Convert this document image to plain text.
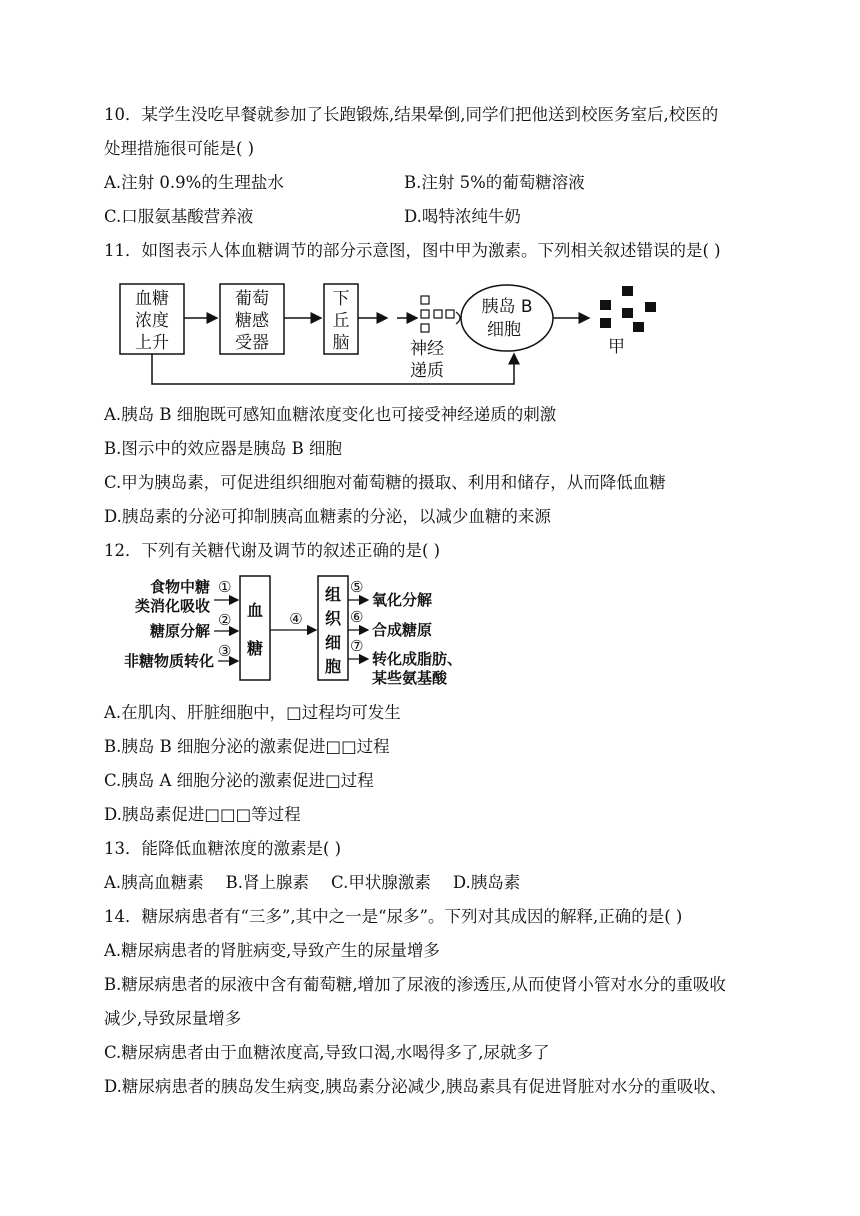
10．某学生没吃早餐就参加了长跑锻炼,结果晕倒,同学们把他送到校医务室后,校医的
处理措施很可能是( )
A.注射 0.9%的生理盐水	B.注射 5%的葡萄糖溶液
C.口服氨基酸营养液	D.喝特浓纯牛奶
11．如图表示人体血糖调节的部分示意图，图中甲为激素。下列相关叙述错误的是( )
血糖
浓度
上升
葡萄
糖感
受器
下
丘
脑	神经
递质
胰岛 B
细胞
甲
A.胰岛 B 细胞既可感知血糖浓度变化也可接受神经递质的刺激
B.图示中的效应器是胰岛 B 细胞
C.甲为胰岛素，可促进组织细胞对葡萄糖的摄取、利用和储存，从而降低血糖
D.胰岛素的分泌可抑制胰高血糖素的分泌，以减少血糖的来源
12．下列有关糖代谢及调节的叙述正确的是( )
食物中糖
类消化吸收
糖原分解
非糖物质转化
①
②
③
血
糖
④
组
织
细
胞
⑤
⑥
⑦
氧化分解
合成糖原
转化成脂肪、
某些氨基酸
A.在肌肉、肝脏细胞中，□过程均可发生
B.胰岛 B 细胞分泌的激素促进□□过程
C.胰岛 A 细胞分泌的激素促进□过程
D.胰岛素促进□□□等过程
13．能降低血糖浓度的激素是( )
A.胰高血糖素 B.肾上腺素 C.甲状腺激素 D.胰岛素
14．糖尿病患者有“三多”,其中之一是“尿多”。下列对其成因的解释,正确的是( )
A.糖尿病患者的肾脏病变,导致产生的尿量增多
B.糖尿病患者的尿液中含有葡萄糖,增加了尿液的渗透压,从而使肾小管对水分的重吸收
减少,导致尿量增多
C.糖尿病患者由于血糖浓度高,导致口渴,水喝得多了,尿就多了
D.糖尿病患者的胰岛发生病变,胰岛素分泌减少,胰岛素具有促进肾脏对水分的重吸收、
